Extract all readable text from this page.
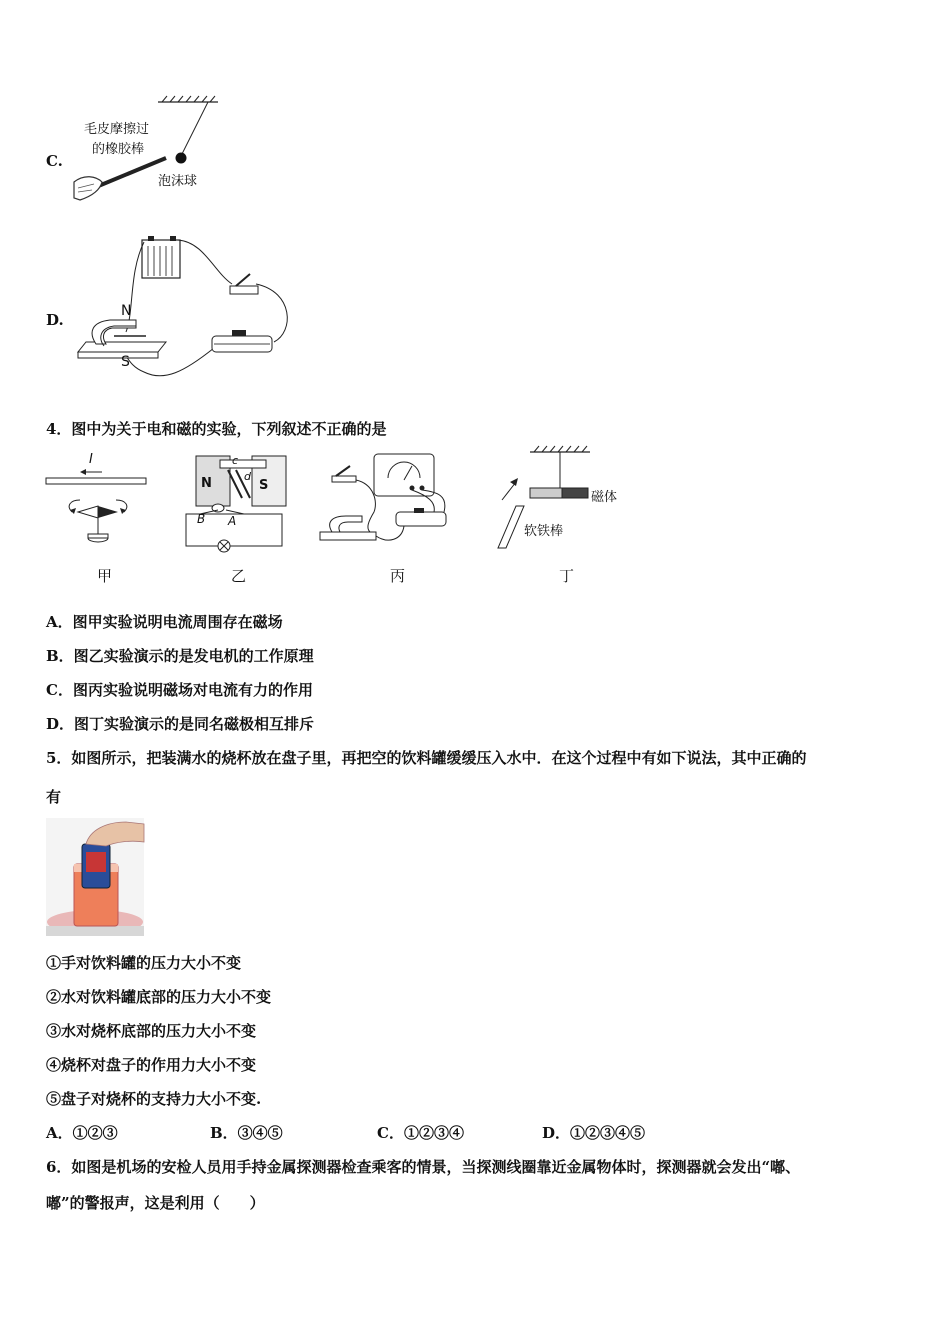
C.
毛皮摩擦过
的橡胶棒
泡沫球
D.	N
S
4．图中为关于电和磁的实验，下列叙述不正确的是
I
N	S
c
d
B A
磁体
软铁棒
甲	乙	丙	丁
A．图甲实验说明电流周围存在磁场
B．图乙实验演示的是发电机的工作原理
C．图丙实验说明磁场对电流有力的作用
D．图丁实验演示的是同名磁极相互排斥
5．如图所示，把装满水的烧杯放在盘子里，再把空的饮料罐缓缓压入水中．在这个过程中有如下说法，其中正确的
有
①手对饮料罐的压力大小不变
②水对饮料罐底部的压力大小不变
③水对烧杯底部的压力大小不变
④烧杯对盘子的作用力大小不变
⑤盘子对烧杯的支持力大小不变.
A．①②③	B．③④⑤	C．①②③④	D．①②③④⑤
6．如图是机场的安检人员用手持金属探测器检查乘客的情景，当探测线圈靠近金属物体时，探测器就会发出“嘟、
嘟”的警报声，这是利用（　　）
